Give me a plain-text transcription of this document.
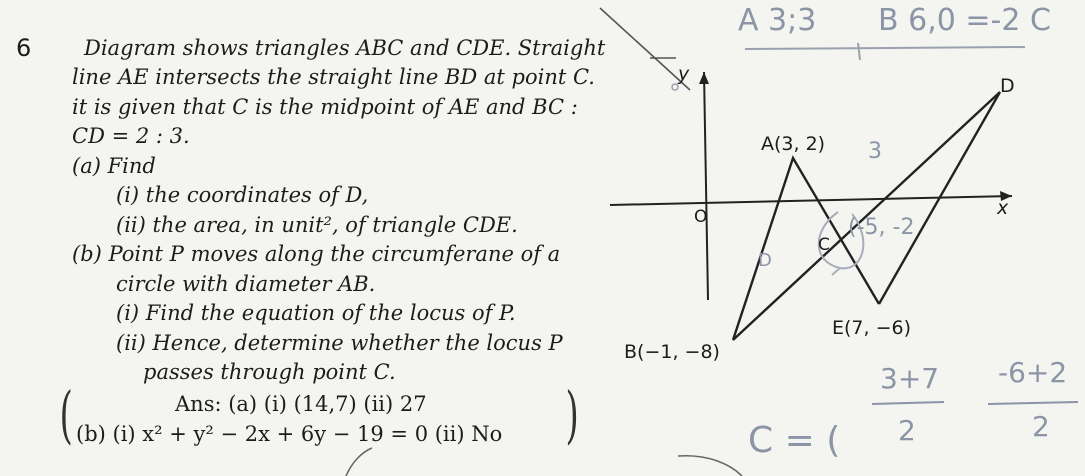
6	Diagram shows triangles ABC and CDE. Straight
line AE intersects the straight line BD at point C.
it is given that C is the midpoint of AE and BC :
CD = 2 : 3.
(a) Find
(i) the coordinates of D,
(ii) the area, in unit², of triangle CDE.
(b) Point P moves along the circumferane of a
circle with diameter AB.
(i) Find the equation of the locus of P.
(ii) Hence, determine whether the locus P
passes through point C.
(	Ans: (a) (i) (14,7) (ii) 27
(b) (i) x² + y² − 2x + 6y − 19 = 0 (ii) No )
y
x
O
A(3, 2)
B(−1, −8)
C
D
E(7, −6)
A 3;3 B 6,0 =-2 C
3
(-5, -2
D
C = (
3+7
2
-6+2
2
